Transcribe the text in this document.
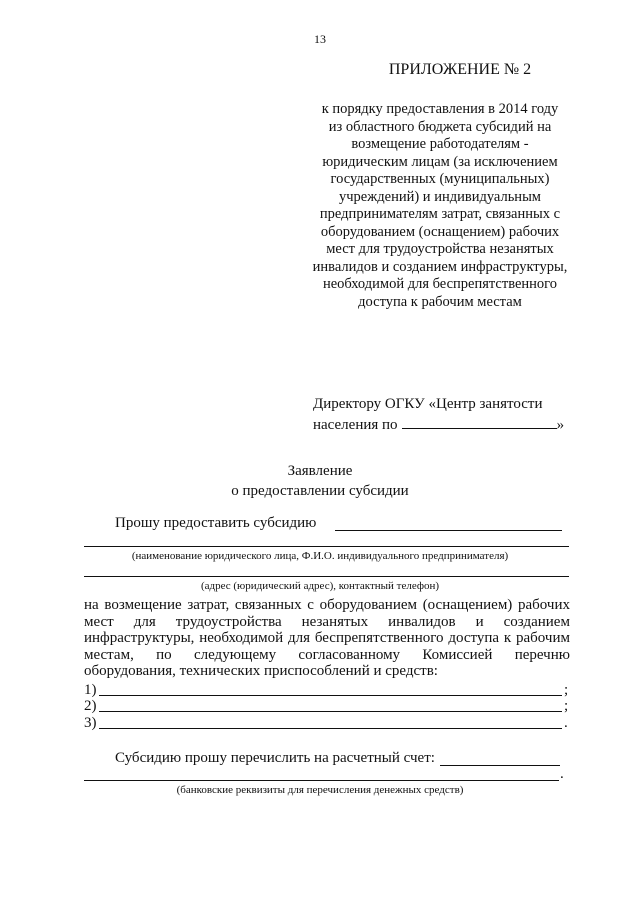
13
ПРИЛОЖЕНИЕ № 2
к порядку предоставления в 2014 году
из областного бюджета субсидий на
возмещение работодателям -
юридическим лицам (за исключением
государственных (муниципальных)
учреждений) и индивидуальным
предпринимателям затрат, связанных с
оборудованием (оснащением) рабочих
мест для трудоустройства незанятых
инвалидов и созданием инфраструктуры,
необходимой для беспрепятственного
доступа к рабочим местам
Директору ОГКУ «Центр занятости
населения по	»
Заявление
о предоставлении субсидии
Прошу предоставить субсидию
(наименование юридического лица, Ф.И.О. индивидуального предпринимателя)
(адрес (юридический адрес), контактный телефон)
на возмещение затрат, связанных с оборудованием (оснащением) рабочих
мест для трудоустройства незанятых инвалидов и созданием
инфраструктуры, необходимой для беспрепятственного доступа к рабочим
местам, по следующему согласованному Комиссией перечню
оборудования, технических приспособлений и средств:
1)	;
2)	;
3)	.
Субсидию прошу перечислить на расчетный счет:
.
(банковские реквизиты для перечисления денежных средств)
